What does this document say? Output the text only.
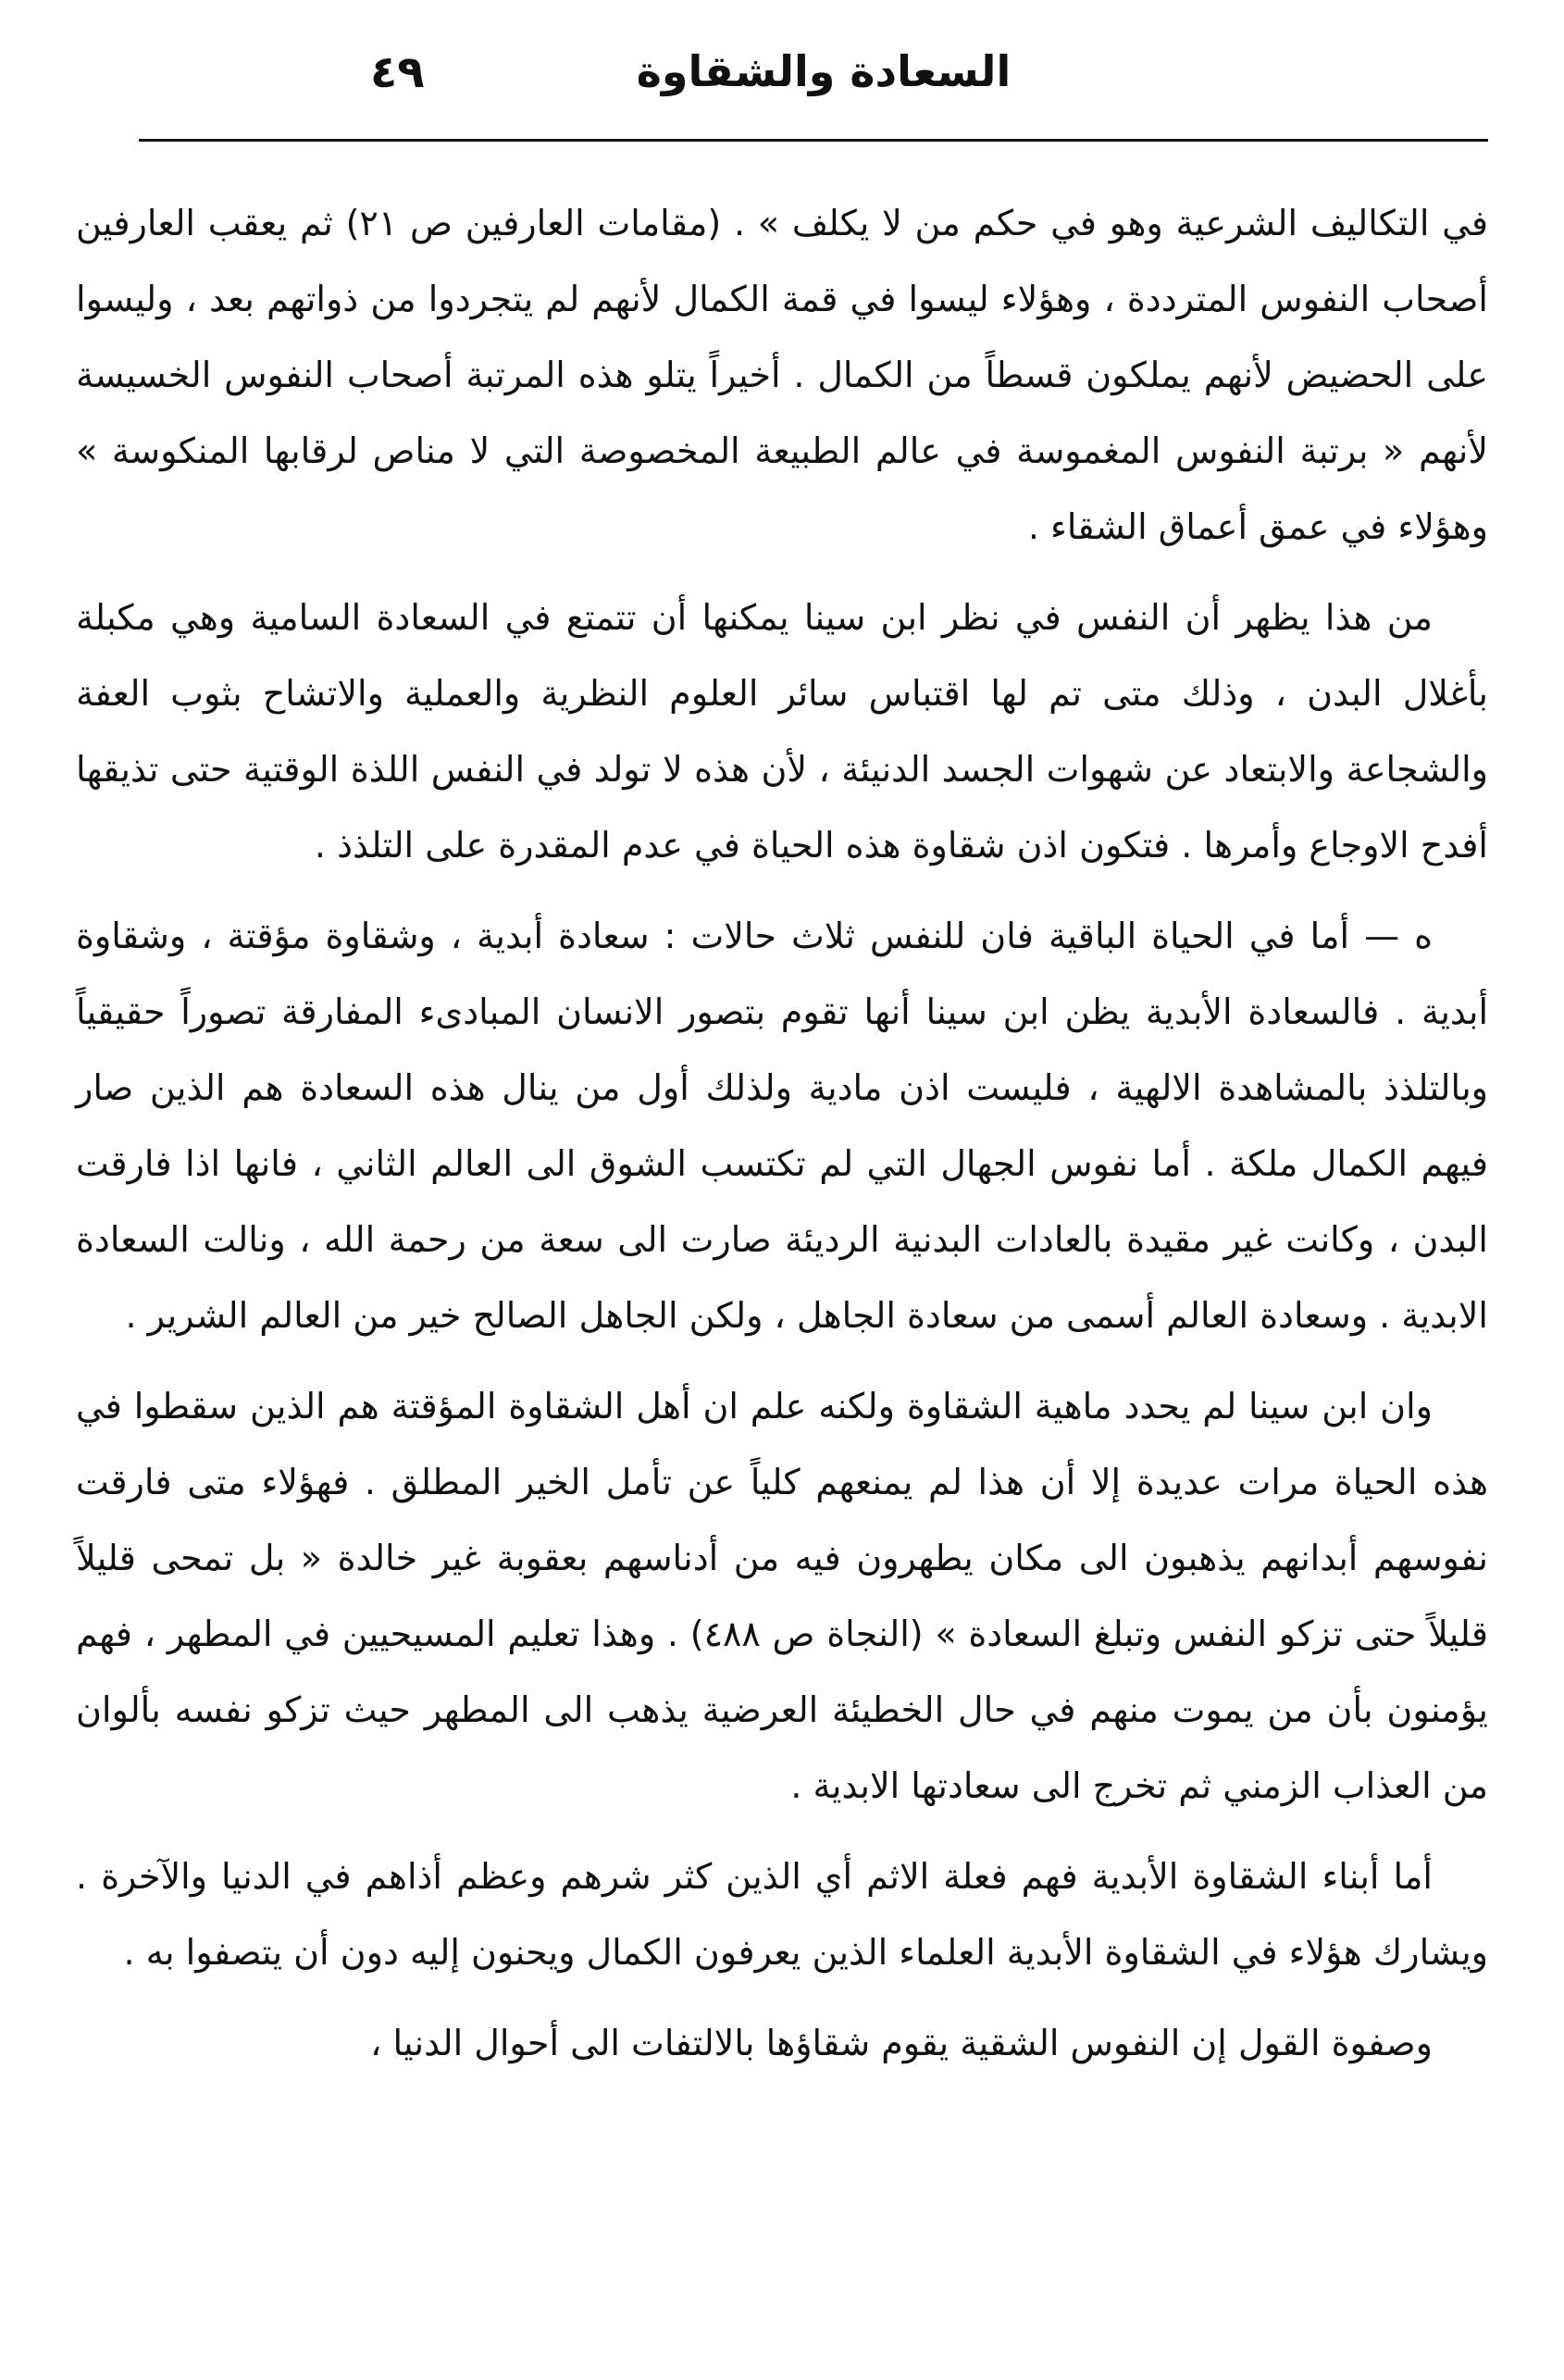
٤٩	السعادة والشقاوة

في التكاليف الشرعية وهو في حكم من لا يكلف » . (مقامات العارفين ص ٢١) ثم يعقب العارفين أصحاب النفوس المترددة ، وهؤلاء ليسوا في قمة الكمال لأنهم لم يتجردوا من ذواتهم بعد ، وليسوا على الحضيض لأنهم يملكون قسطاً من الكمال . أخيراً يتلو هذه المرتبة أصحاب النفوس الخسيسة لأنهم « برتبة النفوس المغموسة في عالم الطبيعة المخصوصة التي لا مناص لرقابها المنكوسة » وهؤلاء في عمق أعماق الشقاء .

من هذا يظهر أن النفس في نظر ابن سينا يمكنها أن تتمتع في السعادة السامية وهي مكبلة بأغلال البدن ، وذلك متى تم لها اقتباس سائر العلوم النظرية والعملية والاتشاح بثوب العفة والشجاعة والابتعاد عن شهوات الجسد الدنيئة ، لأن هذه لا تولد في النفس اللذة الوقتية حتى تذيقها أفدح الاوجاع وأمرها . فتكون اذن شقاوة هذه الحياة في عدم المقدرة على التلذذ .

ه — أما في الحياة الباقية فان للنفس ثلاث حالات : سعادة أبدية ، وشقاوة مؤقتة ، وشقاوة أبدية . فالسعادة الأبدية يظن ابن سينا أنها تقوم بتصور الانسان المبادىء المفارقة تصوراً حقيقياً وبالتلذذ بالمشاهدة الالهية ، فليست اذن مادية ولذلك أول من ينال هذه السعادة هم الذين صار فيهم الكمال ملكة . أما نفوس الجهال التي لم تكتسب الشوق الى العالم الثاني ، فانها اذا فارقت البدن ، وكانت غير مقيدة بالعادات البدنية الرديئة صارت الى سعة من رحمة الله ، ونالت السعادة الابدية . وسعادة العالم أسمى من سعادة الجاهل ، ولكن الجاهل الصالح خير من العالم الشرير .

وان ابن سينا لم يحدد ماهية الشقاوة ولكنه علم ان أهل الشقاوة المؤقتة هم الذين سقطوا في هذه الحياة مرات عديدة إلا أن هذا لم يمنعهم كلياً عن تأمل الخير المطلق . فهؤلاء متى فارقت نفوسهم أبدانهم يذهبون الى مكان يطهرون فيه من أدناسهم بعقوبة غير خالدة « بل تمحى قليلاً قليلاً حتى تزكو النفس وتبلغ السعادة » (النجاة ص ٤٨٨) . وهذا تعليم المسيحيين في المطهر ، فهم يؤمنون بأن من يموت منهم في حال الخطيئة العرضية يذهب الى المطهر حيث تزكو نفسه بألوان من العذاب الزمني ثم تخرج الى سعادتها الابدية .

أما أبناء الشقاوة الأبدية فهم فعلة الاثم أي الذين كثر شرهم وعظم أذاهم في الدنيا والآخرة . ويشارك هؤلاء في الشقاوة الأبدية العلماء الذين يعرفون الكمال ويحنون إليه دون أن يتصفوا به .

وصفوة القول إن النفوس الشقية يقوم شقاؤها بالالتفات الى أحوال الدنيا ،
